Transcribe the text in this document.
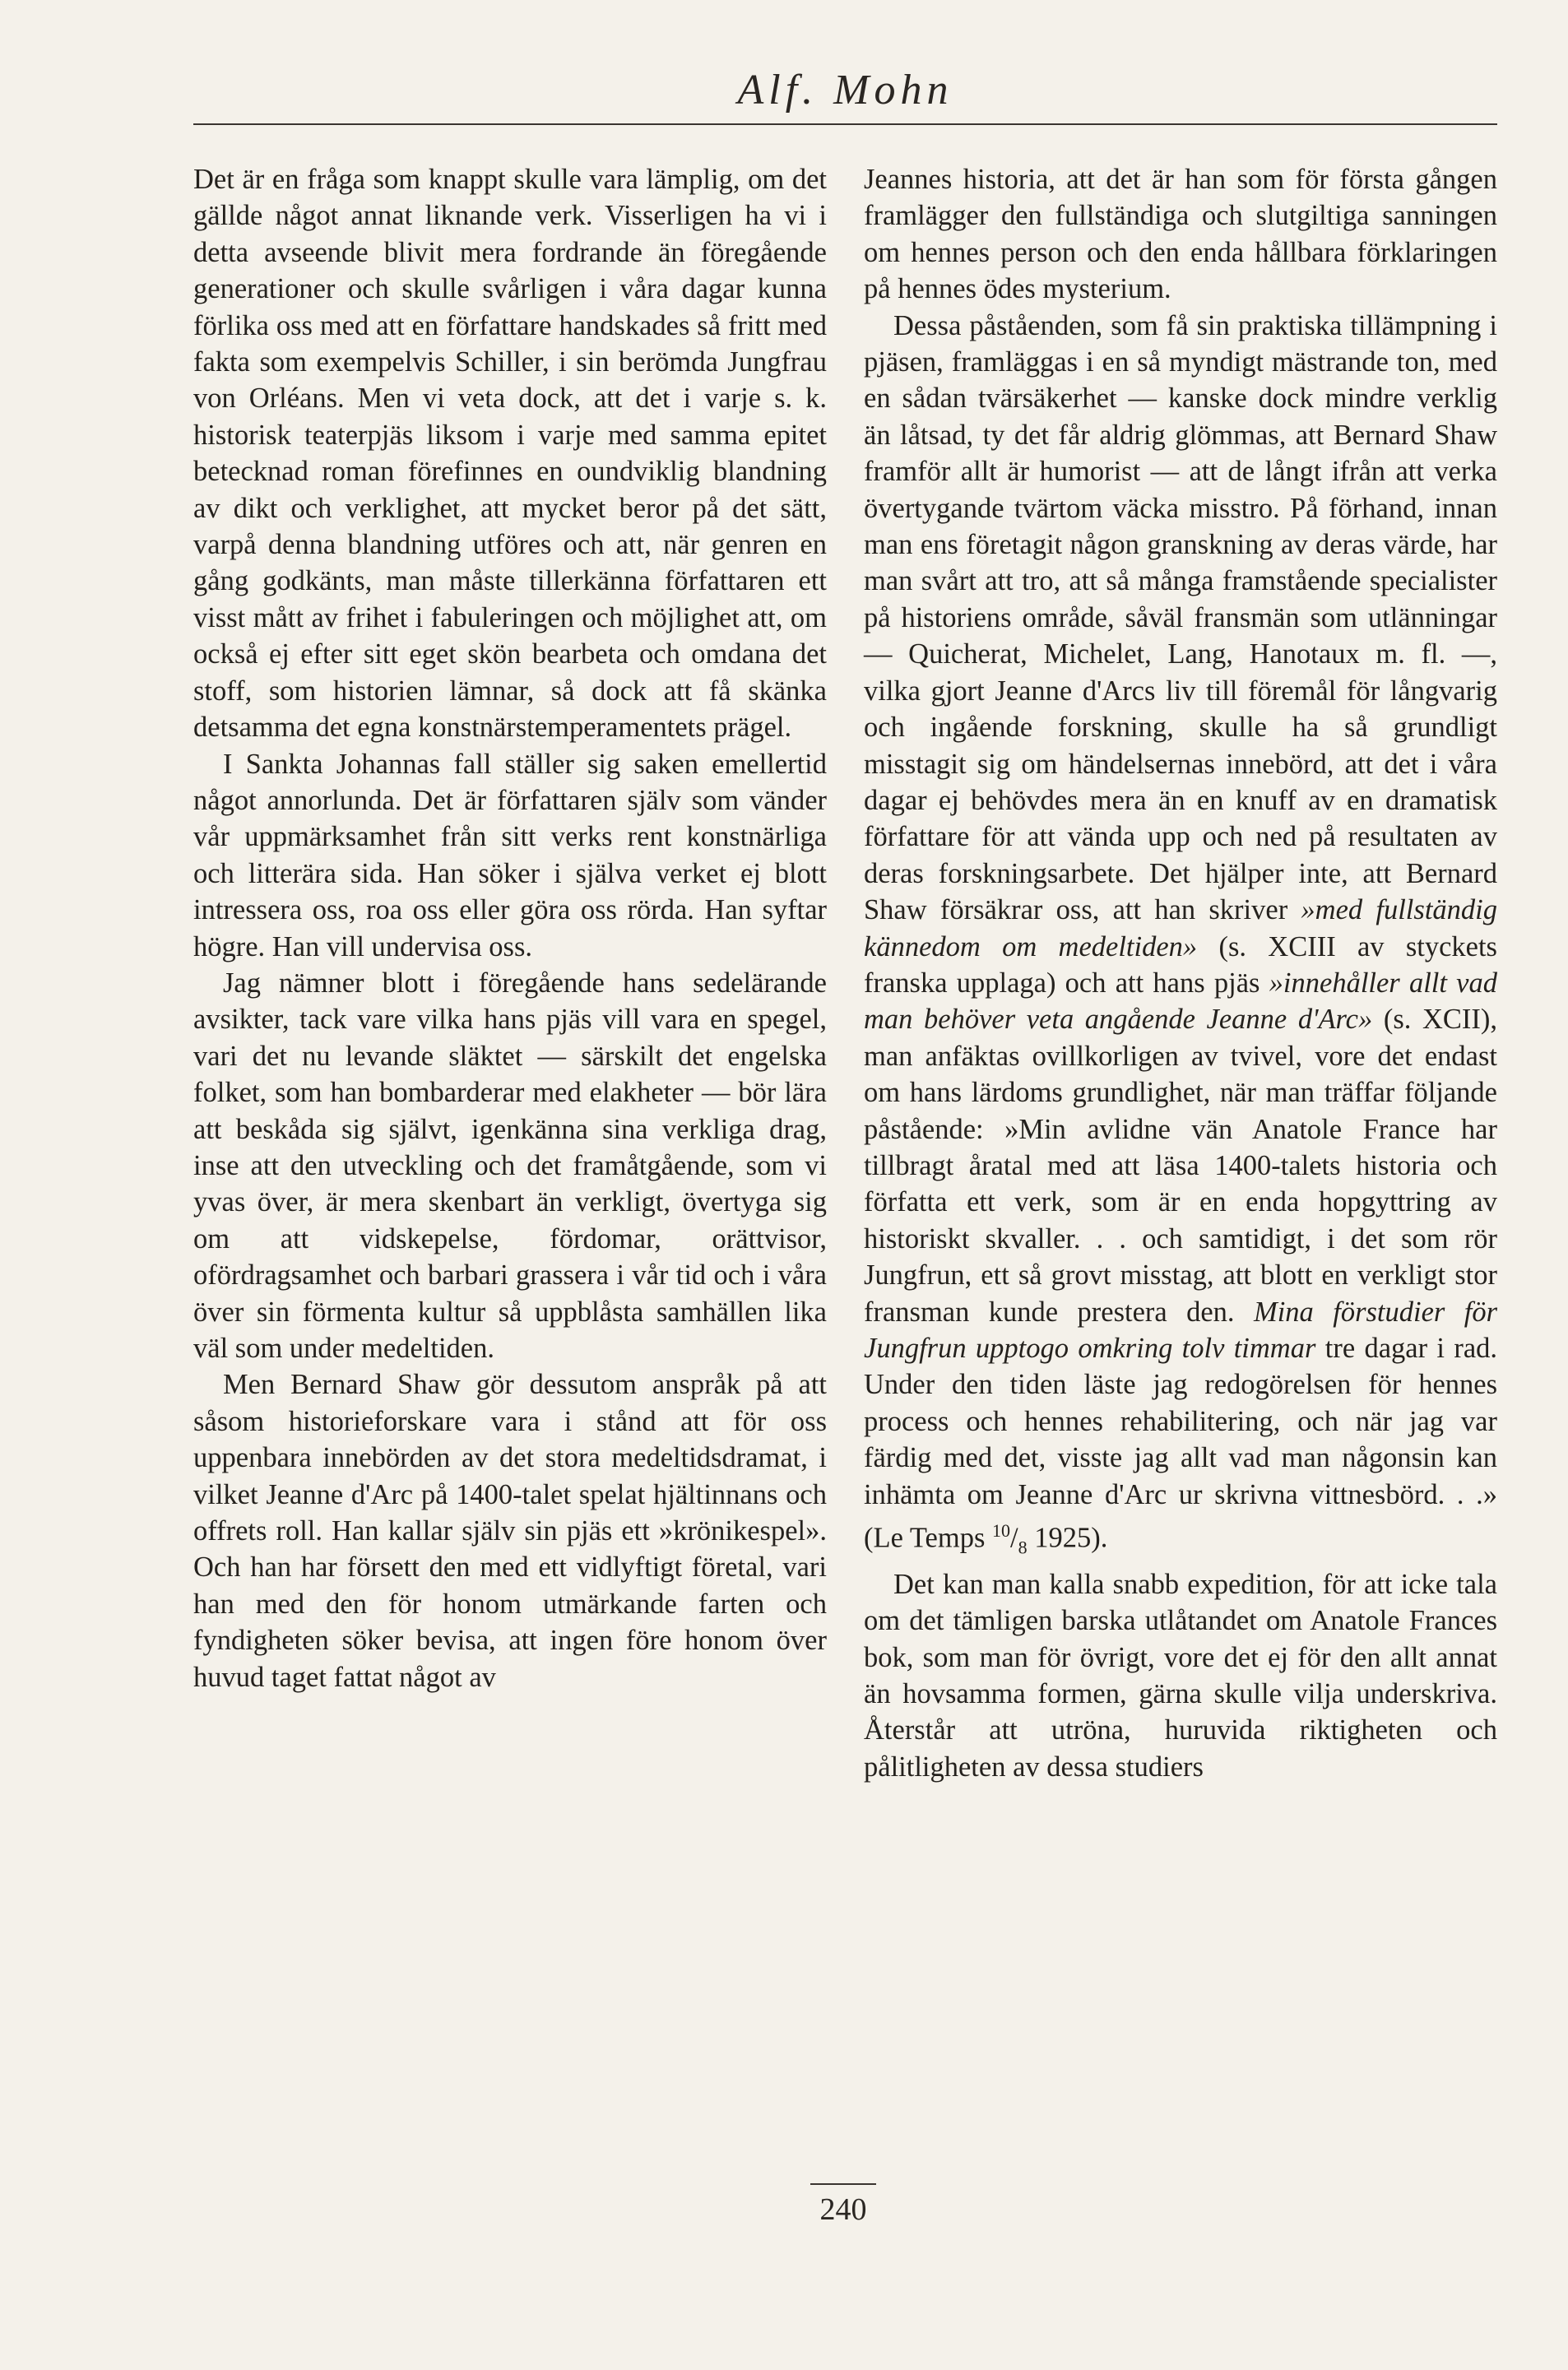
Alf. Mohn

Det är en fråga som knappt skulle vara lämplig, om det gällde något annat liknande verk. Visserligen ha vi i detta avseende blivit mera fordrande än föregående generationer och skulle svårligen i våra dagar kunna förlika oss med att en författare handskades så fritt med fakta som exempelvis Schiller, i sin berömda Jungfrau von Orléans. Men vi veta dock, att det i varje s. k. historisk teaterpjäs liksom i varje med samma epitet betecknad roman förefinnes en oundviklig blandning av dikt och verklighet, att mycket beror på det sätt, varpå denna blandning utföres och att, när genren en gång godkänts, man måste tillerkänna författaren ett visst mått av frihet i fabuleringen och möjlighet att, om också ej efter sitt eget skön bearbeta och omdana det stoff, som historien lämnar, så dock att få skänka detsamma det egna konstnärstemperamentets prägel.

I Sankta Johannas fall ställer sig saken emellertid något annorlunda. Det är författaren själv som vänder vår uppmärksamhet från sitt verks rent konstnärliga och litterära sida. Han söker i själva verket ej blott intressera oss, roa oss eller göra oss rörda. Han syftar högre. Han vill undervisa oss.

Jag nämner blott i föregående hans sedelärande avsikter, tack vare vilka hans pjäs vill vara en spegel, vari det nu levande släktet — särskilt det engelska folket, som han bombarderar med elakheter — bör lära att beskåda sig självt, igenkänna sina verkliga drag, inse att den utveckling och det framåtgående, som vi yvas över, är mera skenbart än verkligt, övertyga sig om att vidskepelse, fördomar, orättvisor, ofördragsamhet och barbari grassera i vår tid och i våra över sin förmenta kultur så uppblåsta samhällen lika väl som under medeltiden.

Men Bernard Shaw gör dessutom anspråk på att såsom historieforskare vara i stånd att för oss uppenbara innebörden av det stora medeltidsdramat, i vilket Jeanne d'Arc på 1400-talet spelat hjältinnans och offrets roll. Han kallar själv sin pjäs ett »krönikespel». Och han har försett den med ett vidlyftigt företal, vari han med den för honom utmärkande farten och fyndigheten söker bevisa, att ingen före honom över huvud taget fattat något av

Jeannes historia, att det är han som för första gången framlägger den fullständiga och slutgiltiga sanningen om hennes person och den enda hållbara förklaringen på hennes ödes mysterium.

Dessa påståenden, som få sin praktiska tillämpning i pjäsen, framläggas i en så myndigt mästrande ton, med en sådan tvärsäkerhet — kanske dock mindre verklig än låtsad, ty det får aldrig glömmas, att Bernard Shaw framför allt är humorist — att de långt ifrån att verka övertygande tvärtom väcka misstro. På förhand, innan man ens företagit någon granskning av deras värde, har man svårt att tro, att så många framstående specialister på historiens område, såväl fransmän som utlänningar — Quicherat, Michelet, Lang, Hanotaux m. fl. —, vilka gjort Jeanne d'Arcs liv till föremål för långvarig och ingående forskning, skulle ha så grundligt misstagit sig om händelsernas innebörd, att det i våra dagar ej behövdes mera än en knuff av en dramatisk författare för att vända upp och ned på resultaten av deras forskningsarbete. Det hjälper inte, att Bernard Shaw försäkrar oss, att han skriver »med fullständig kännedom om medeltiden» (s. XCIII av styckets franska upplaga) och att hans pjäs »innehåller allt vad man behöver veta angående Jeanne d'Arc» (s. XCII), man anfäktas ovillkorligen av tvivel, vore det endast om hans lärdoms grundlighet, när man träffar följande påstående: »Min avlidne vän Anatole France har tillbragt åratal med att läsa 1400-talets historia och författa ett verk, som är en enda hopgyttring av historiskt skvaller. . . och samtidigt, i det som rör Jungfrun, ett så grovt misstag, att blott en verkligt stor fransman kunde prestera den. Mina förstudier för Jungfrun upptogo omkring tolv timmar tre dagar i rad. Under den tiden läste jag redogörelsen för hennes process och hennes rehabilitering, och när jag var färdig med det, visste jag allt vad man någonsin kan inhämta om Jeanne d'Arc ur skrivna vittnesbörd. . .» (Le Temps $^{10}/_8$ 1925).

Det kan man kalla snabb expedition, för att icke tala om det tämligen barska utlåtandet om Anatole Frances bok, som man för övrigt, vore det ej för den allt annat än hovsamma formen, gärna skulle vilja underskriva. Återstår att utröna, huruvida riktigheten och pålitligheten av dessa studiers

240
